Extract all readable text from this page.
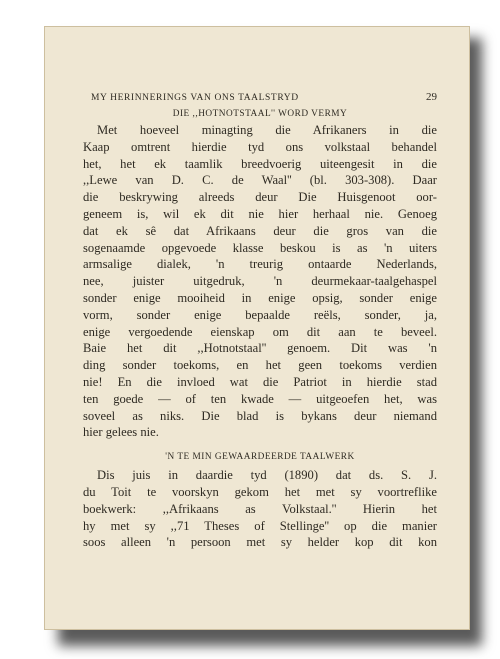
MY HERINNERINGS VAN ONS TAALSTRYD	29
DIE ,,HOTNOTSTAAL'' WORD VERMY
Met hoeveel minagting die Afrikaners in die
Kaap omtrent hierdie tyd ons volkstaal behandel
het, het ek taamlik breedvoerig uiteengesit in die
,,Lewe van D. C. de Waal'' (bl. 303-308). Daar
die beskrywing alreeds deur Die Huisgenoot oor-
geneem is, wil ek dit nie hier herhaal nie. Genoeg
dat ek sê dat Afrikaans deur die gros van die
sogenaamde opgevoede klasse beskou is as 'n uiters
armsalige dialek, 'n treurig ontaarde Nederlands,
nee, juister uitgedruk, 'n deurmekaar-taalgehaspel
sonder enige mooiheid in enige opsig, sonder enige
vorm, sonder enige bepaalde reëls, sonder, ja,
enige vergoedende eienskap om dit aan te beveel.
Baie het dit ,,Hotnotstaal'' genoem. Dit was 'n
ding sonder toekoms, en het geen toekoms verdien
nie! En die invloed wat die Patriot in hierdie stad
ten goede — of ten kwade — uitgeoefen het, was
soveel as niks. Die blad is bykans deur niemand
hier gelees nie.
'N TE MIN GEWAARDEERDE TAALWERK
Dis juis in daardie tyd (1890) dat ds. S. J.
du Toit te voorskyn gekom het met sy voortreflike
boekwerk: ,,Afrikaans as Volkstaal.'' Hierin het
hy met sy ,,71 Theses of Stellinge'' op die manier
soos alleen 'n persoon met sy helder kop dit kon
